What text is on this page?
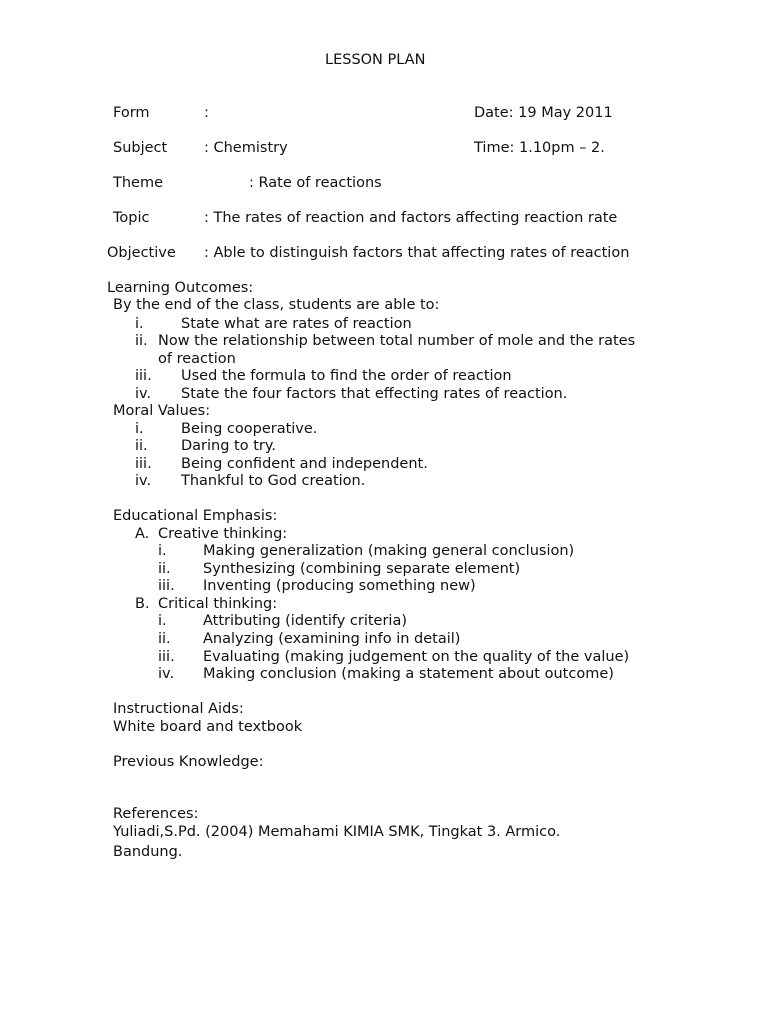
LESSON PLAN
Form	:	Date: 19 May 2011
Subject	: Chemistry	Time: 1.10pm – 2.
Theme	: Rate of reactions
Topic	: The rates of reaction and factors affecting reaction rate
Objective : Able to distinguish factors that affecting rates of reaction
Learning Outcomes:
By the end of the class, students are able to:
i.	State what are rates of reaction
ii. Now the relationship between total number of mole and the rates
of reaction
iii. Used the formula to find the order of reaction
iv. State the four factors that effecting rates of reaction.
Moral Values:
i.	Being cooperative.
ii. Daring to try.
iii. Being confident and independent.
iv. Thankful to God creation.
Educational Emphasis:
A. Creative thinking:
i.	Making generalization (making general conclusion)
ii. Synthesizing (combining separate element)
iii. Inventing (producing something new)
B. Critical thinking:
i.	Attributing (identify criteria)
ii. Analyzing (examining info in detail)
iii. Evaluating (making judgement on the quality of the value)
iv. Making conclusion (making a statement about outcome)
Instructional Aids:
White board and textbook
Previous Knowledge:
References:
Yuliadi,S.Pd. (2004) Memahami KIMIA SMK, Tingkat 3. Armico.
Bandung.
